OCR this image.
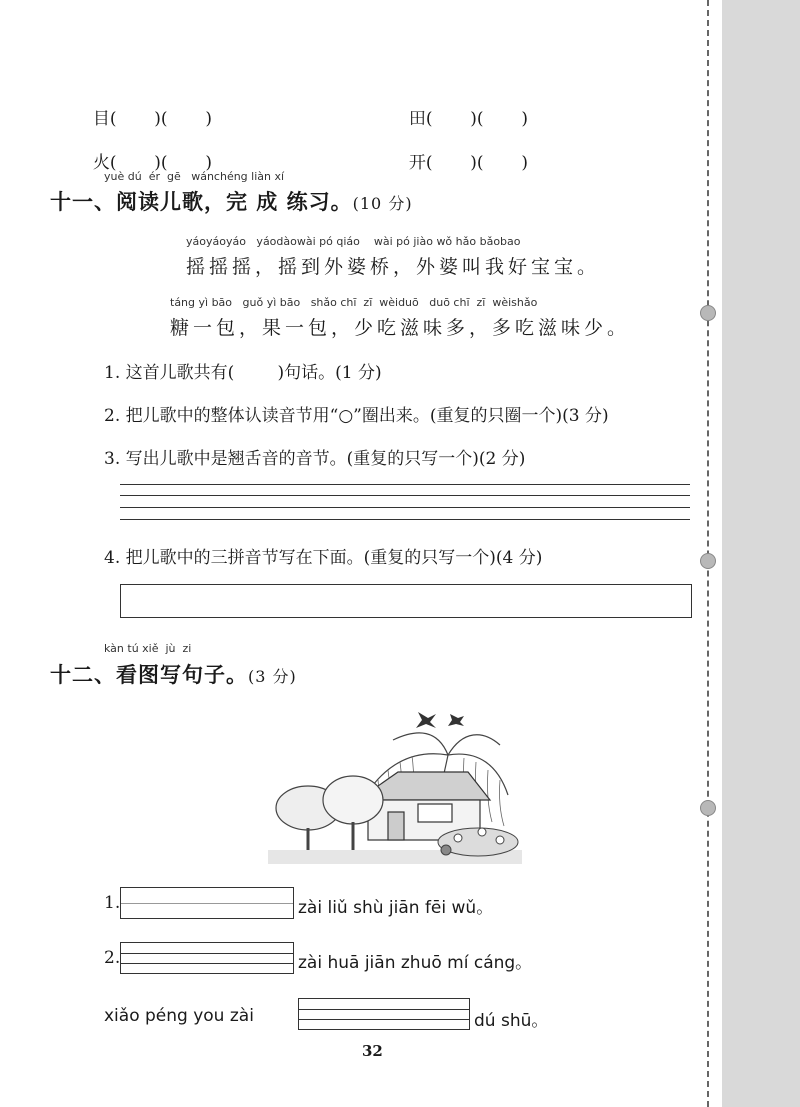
目(       )(       )	田(       )(       )

火(       )(       )	开(       )(       )

yuè dú  ér  gē   wánchéng liàn xí
十一、阅读儿歌，完 成 练习。(10 分)
yáoyáoyáo   yáodàowài pó qiáo    wài pó jiào wǒ hǎo bǎobao
摇摇摇，摇到外婆桥，外婆叫我好宝宝。
táng yì bāo   guǒ yì bāo   shǎo chī  zī  wèiduō   duō chī  zī  wèishǎo
糖一包，果一包，少吃滋味多，多吃滋味少。
1. 这首儿歌共有(        )句话。(1 分)
2. 把儿歌中的整体认读音节用“○”圈出来。(重复的只圈一个)(3 分)
3. 写出儿歌中是翘舌音的音节。(重复的只写一个)(2 分)
4. 把儿歌中的三拼音节写在下面。(重复的只写一个)(4 分)
kàn tú xiě  jù  zi
十二、看图写句子。(3 分)
1.	zài liǔ shù jiān fēi wǔ。
2.	zài huā jiān zhuō mí cáng。
xiǎo péng you zài	dú shū。
32
